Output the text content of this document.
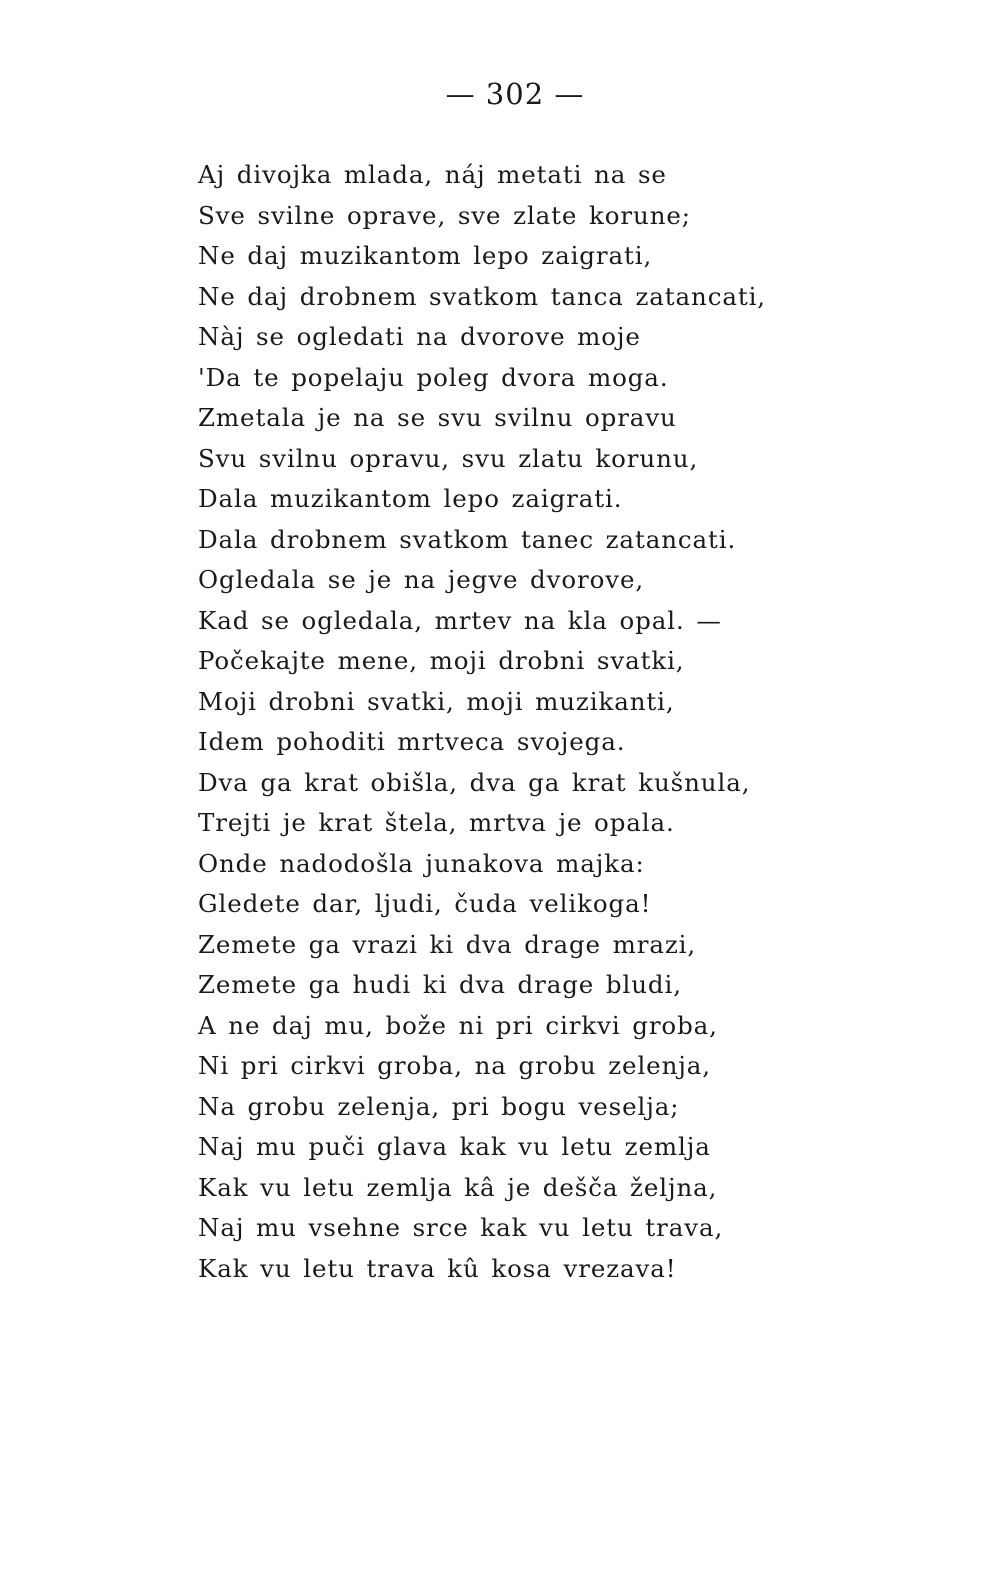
— 302 —
Aj divojka mlada, náj metati na se
Sve svilne oprave, sve zlate korune;
Ne daj muzikantom lepo zaigrati,
Ne daj drobnem svatkom tanca zatancati,
Nàj se ogledati na dvorove moje
'Da te popelaju poleg dvora moga.
Zmetala je na se svu svilnu opravu
Svu svilnu opravu, svu zlatu korunu,
Dala muzikantom lepo zaigrati.
Dala drobnem svatkom tanec zatancati.
Ogledala se je na jegve dvorove,
Kad se ogledala, mrtev na kla opal. —
Počekajte mene, moji drobni svatki,
Moji drobni svatki, moji muzikanti,
Idem pohoditi mrtveca svojega.
Dva ga krat obišla, dva ga krat kušnula,
Trejti je krat štela, mrtva je opala.
Onde nadodošla junakova majka:
Gledete dar, ljudi, čuda velikoga!
Zemete ga vrazi ki dva drage mrazi,
Zemete ga hudi ki dva drage bludi,
A ne daj mu, bože ni pri cirkvi groba,
Ni pri cirkvi groba, na grobu zelenja,
Na grobu zelenja, pri bogu veselja;
Naj mu puči glava kak vu letu zemlja
Kak vu letu zemlja kâ je dešča željna,
Naj mu vsehne srce kak vu letu trava,
Kak vu letu trava kû kosa vrezava!
